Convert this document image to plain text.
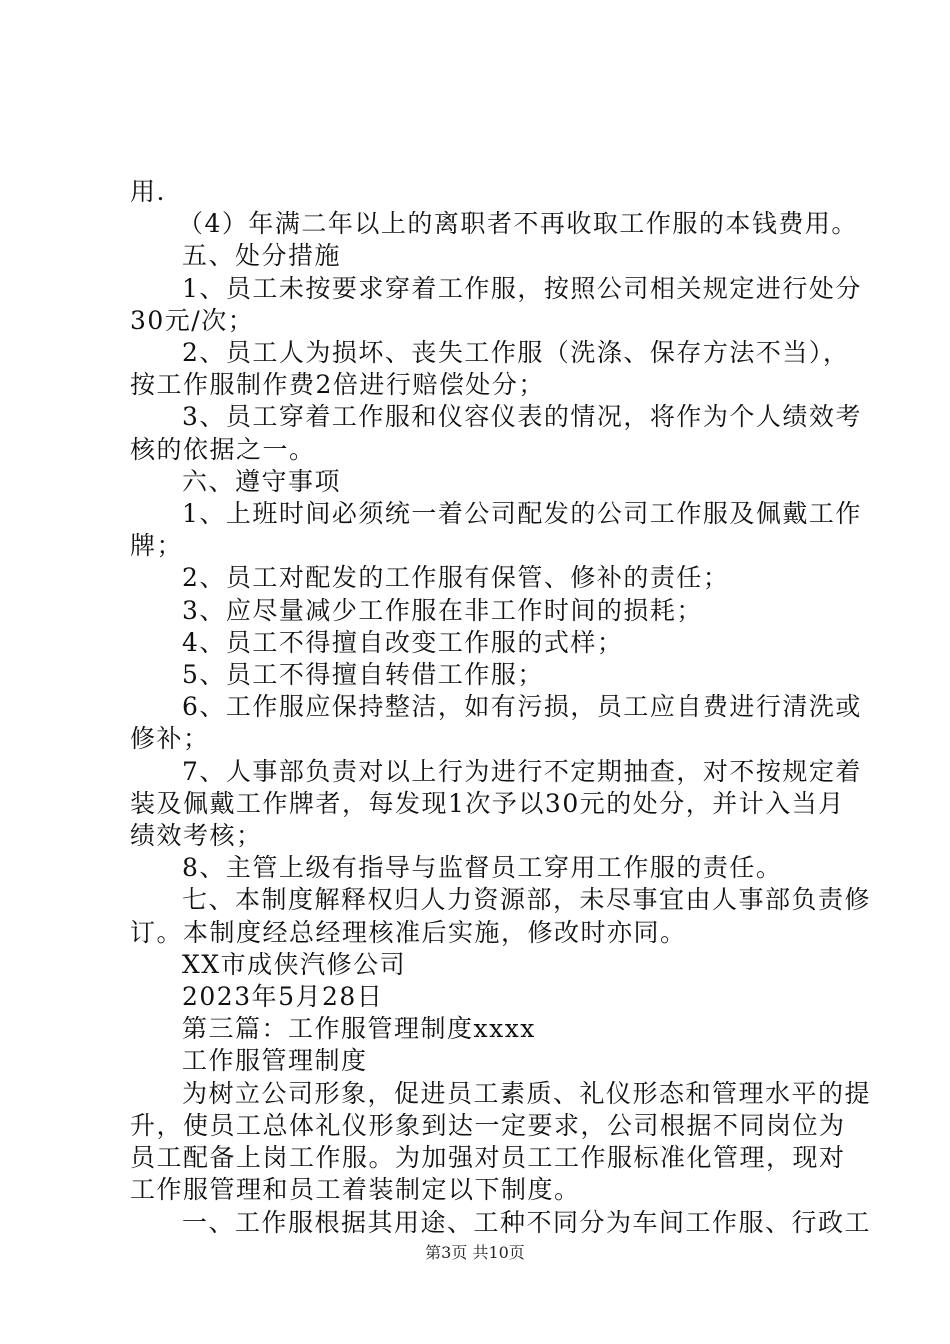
用.

（4）年满二年以上的离职者不再收取工作服的本钱费用。

五、处分措施

1、员工未按要求穿着工作服，按照公司相关规定进行处分

30元/次；

2、员工人为损坏、丧失工作服（洗涤、保存方法不当），

按工作服制作费2倍进行赔偿处分；

3、员工穿着工作服和仪容仪表的情况，将作为个人绩效考

核的依据之一。

六、遵守事项

1、上班时间必须统一着公司配发的公司工作服及佩戴工作

牌；

2、员工对配发的工作服有保管、修补的责任；

3、应尽量减少工作服在非工作时间的损耗；

4、员工不得擅自改变工作服的式样；

5、员工不得擅自转借工作服；

6、工作服应保持整洁，如有污损，员工应自费进行清洗或

修补；

7、人事部负责对以上行为进行不定期抽查，对不按规定着

装及佩戴工作牌者，每发现1次予以30元的处分，并计入当月

绩效考核；

8、主管上级有指导与监督员工穿用工作服的责任。

七、本制度解释权归人力资源部，未尽事宜由人事部负责修

订。本制度经总经理核准后实施，修改时亦同。

XX市成侠汽修公司

2023年5月28日

第三篇：工作服管理制度xxxx

工作服管理制度

为树立公司形象，促进员工素质、礼仪形态和管理水平的提

升，使员工总体礼仪形象到达一定要求，公司根据不同岗位为

员工配备上岗工作服。为加强对员工工作服标准化管理，现对

工作服管理和员工着装制定以下制度。

一、工作服根据其用途、工种不同分为车间工作服、行政工

第3页 共10页
